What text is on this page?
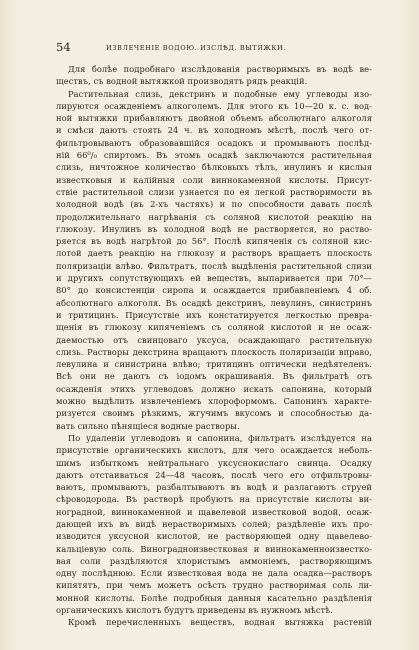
54	ИЗВЛЕЧЕНІЕ ВОДОЮ. ИЗСЛѢД. ВЫТЯЖКИ.
Для болѣе подробнаго изслѣдованія растворимыхъ въ водѣ ве-
ществъ, съ водной вытяжкой производятъ рядъ реакцій.
Растительная слизь, декстринъ и подобные ему углеводы изо-
лируются осажденіемъ алкоголемъ. Для этого къ 10—20 к. с. вод-
ной вытяжки прибавляютъ двойной объемъ абсолютнаго алкоголя
и смѣси даютъ стоять 24 ч. въ холодномъ мѣстѣ, послѣ чего от-
фильтровываютъ образовавшійся осадокъ и промываютъ послѣд-
ній 66⁰/₀ спиртомъ. Въ этомъ осадкѣ заключаются растительная
слизь, ничтожное количество бѣлковыхъ тѣлъ, инулинъ и кислыя
известковыя и калійныя соли виннокаменной кислоты. Присут-
ствіе растительной слизи узнается по ея легкой растворимости въ
холодной водѣ (въ 2-хъ частяхъ) и по способности давать послѣ
продолжительнаго нагрѣванія съ соляной кислотой реакцію на
глюкозу. Инулинъ въ холодной водѣ не растворяется, но раство-
ряется въ водѣ нагрѣтой до 56°. Послѣ кипяченія съ соляной кис-
лотой даетъ реакцію на глюкозу и растворъ вращаетъ плоскость
поляризаціи влѣво. Фильтратъ, послѣ выдѣленія растительной слизи
и другихъ сопутствующихъ ей веществъ, выпаривается при 70°—
80° до консистенціи сиропа и осаждается прибавленіемъ 4 об.
абсолютнаго алкоголя. Въ осадкѣ декстринъ, левулинъ, синистринъ
и тритицинъ. Присутствіе ихъ констатируется легкостью преврa-
щенія въ глюкозу кипяченіемъ съ соляной кислотой и не осаж-
даемостью отъ свинцоваго уксуса, осаждающаго растительную
слизь. Растворы декстрина вращаютъ плоскость поляризаціи вправо,
левулина и синистрина влѣво; тритицинъ оптически недѣятеленъ.
Всѣ они не даютъ съ іодомъ окрашиванія. Въ фильтратѣ отъ
осажденія этихъ углеводовъ должно искать сапонина, который
можно выдѣлить извлеченіемъ хлороформомъ. Сапонинъ характе-
ризуется своимъ рѣзкимъ, жгучимъ вкусомъ и способностью да-
вать сильно пѣнящіеся водные растворы.
По удаленіи углеводовъ и сапонина, фильтратъ изслѣдуется на
присутствіе органическихъ кислотъ, для чего осаждается неболь-
шимъ избыткомъ нейтральнаго уксуснокислаго свинца. Осадку
даютъ отстаиваться 24—48 часовъ, послѣ чего его отфильтровы-
ваютъ, промываютъ, разбалтываютъ въ водѣ и разлагаютъ струей
сѣроводорода. Въ растворѣ пробуютъ на присутствіе кислоты ви-
ноградной, виннокаменной и щавелевой известковой водой, осаж-
дающей ихъ въ видѣ нерастворимыхъ солей; раздѣленіе ихъ про-
изводится уксусной кислотой, не растворяющей одну щавелево-
кальціевую соль. Виноградноизвестковая и виннокаменноизвестко-
вая соли раздѣляются хлористымъ аммоніемъ, растворяющимъ
одну послѣднюю. Если известковая вода не дала осадка—растворъ
кипятятъ, при чемъ можетъ осѣсть трудно растворимая соль ли-
монной кислоты. Болѣе подробныя данныя касательно раздѣленія
органическихъ кислотъ будутъ приведены въ нужномъ мѣстѣ.
Кромѣ перечисленныхъ веществъ, водная вытяжка растеній
